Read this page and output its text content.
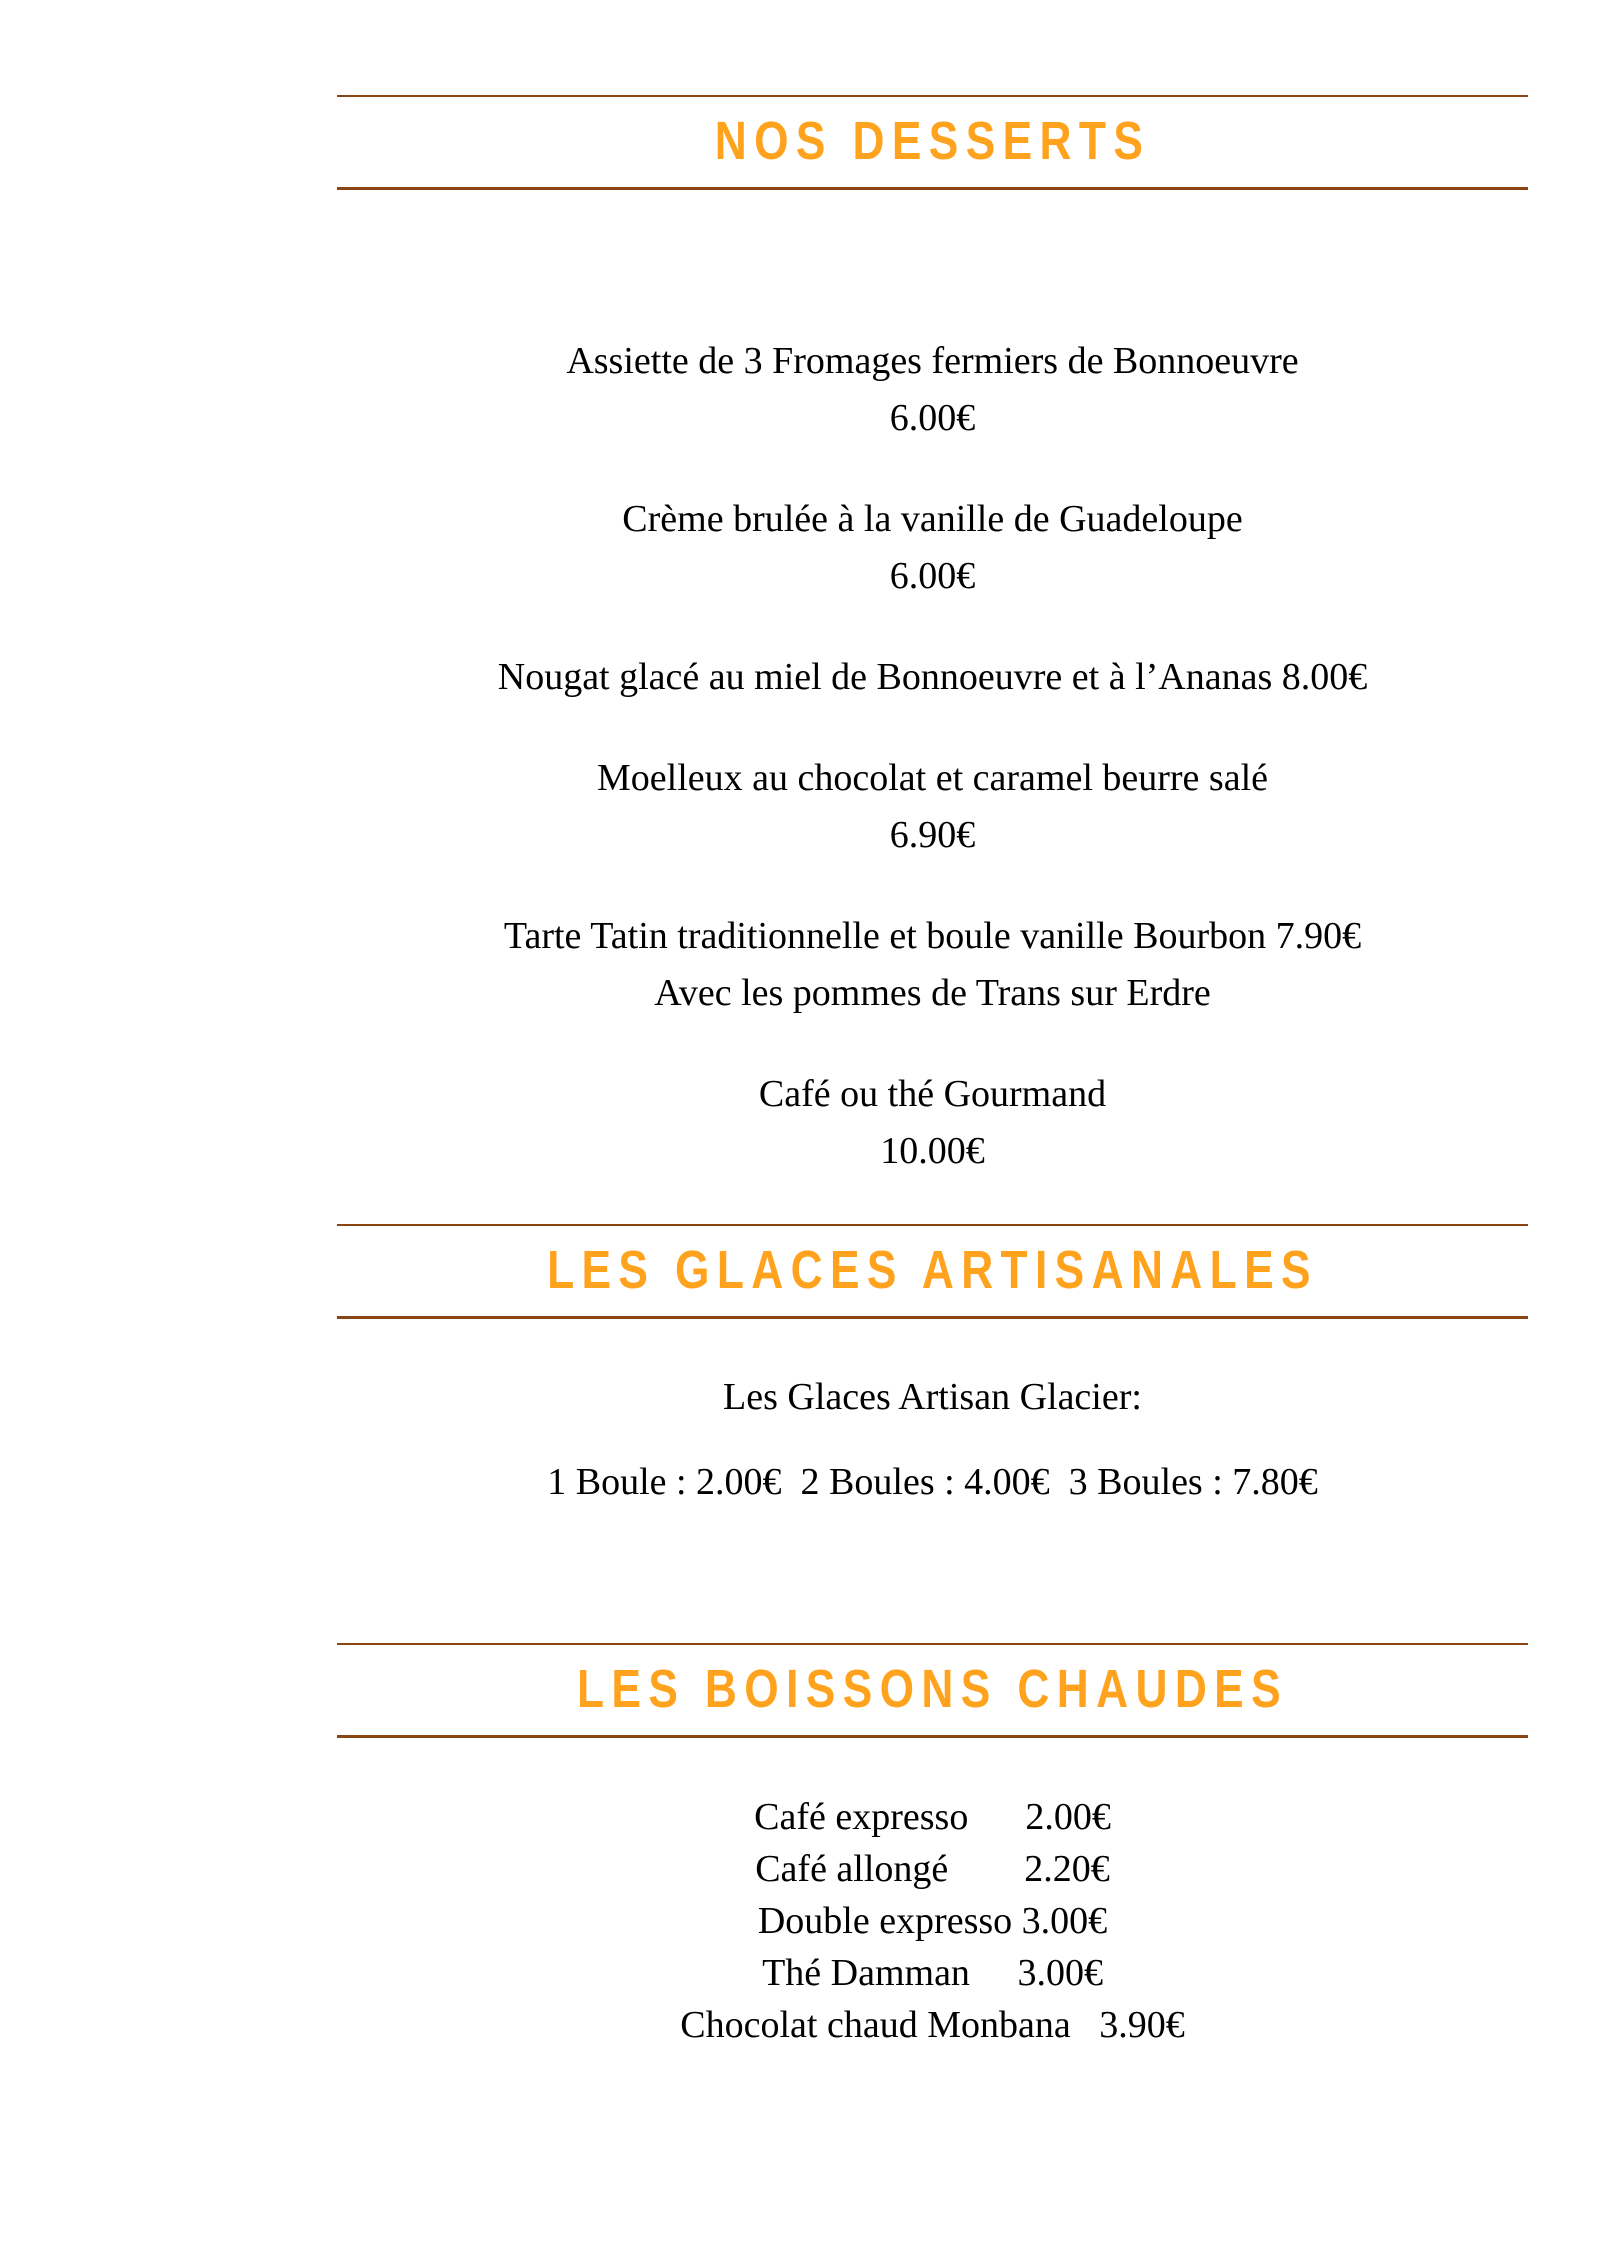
NOS DESSERTS
Assiette de 3 Fromages fermiers de Bonnoeuvre
6.00€
Crème brulée à la vanille de Guadeloupe
6.00€
Nougat glacé au miel de Bonnoeuvre et à l’Ananas 8.00€
Moelleux au chocolat et caramel beurre salé
6.90€
Tarte Tatin traditionnelle et boule vanille Bourbon 7.90€
Avec les pommes de Trans sur Erdre
Café ou thé Gourmand
10.00€
LES GLACES ARTISANALES
Les Glaces Artisan Glacier:
1 Boule : 2.00€  2 Boules : 4.00€  3 Boules : 7.80€
LES BOISSONS CHAUDES
Café expresso 2.00€
Café allongé 2.20€
Double expresso 3.00€
Thé Damman 3.00€
Chocolat chaud Monbana 3.90€
